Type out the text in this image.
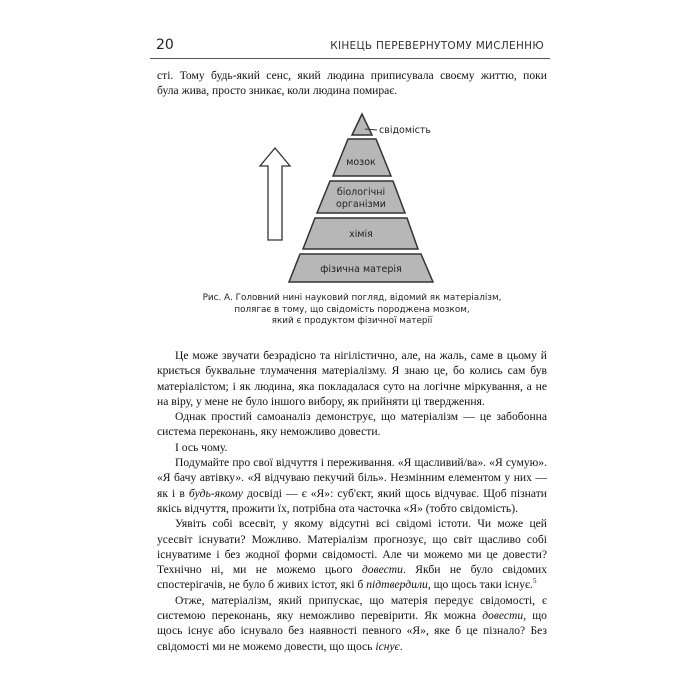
20	КІНЕЦЬ ПЕРЕВЕРНУТОМУ МИСЛЕННЮ

сті. Тому будь-який сенс, який людина приписувала своєму життю, поки

була жива, просто зникає, коли людина помирає.

свідомість
мозок
біологічні
організми
хімія
фізична матерія
Рис. А. Головний нині науковий погляд, відомий як матеріалізм,
полягає в тому, що свідомість породжена мозком,
який є продуктом фізичної матерії

Це може звучати безрадісно та нігілістично, але, на жаль, саме в цьому й криється буквальне тлумачення матеріалізму. Я знаю це, бо колись сам був матеріалістом; і як людина, яка покладалася суто на логічне міркування, а не на віру, у мене не було іншого вибору, як прийняти ці твердження.

Однак простий самоаналіз демонструє, що матеріалізм — це забобонна система переконань, яку неможливо довести.

І ось чому.

Подумайте про свої відчуття і переживання. «Я щасливий/ва». «Я сумую». «Я бачу автівку». «Я відчуваю пекучий біль». Незмінним елементом у них — як і в будь-якому досвіді — є «Я»: суб'єкт, який щось відчуває. Щоб пізнати якісь відчуття, прожити їх, потрібна ота часточка «Я» (тобто свідомість).

Уявіть собі всесвіт, у якому відсутні всі свідомі істоти. Чи може цей усесвіт існувати? Можливо. Матеріалізм прогнозує, що світ щасливо собі існуватиме і без жодної форми свідомості. Але чи можемо ми це довести? Технічно ні, ми не можемо цього довести. Якби не було свідомих спостерігачів, не було б живих істот, які б підтвердили, що щось таки існує.$^5$

Отже, матеріалізм, який припускає, що матерія передує свідомості, є системою переконань, яку неможливо перевірити. Як можна довести, що щось існує або існувало без наявності певного «Я», яке б це пізнало? Без свідомості ми не можемо довести, що щось існує.
